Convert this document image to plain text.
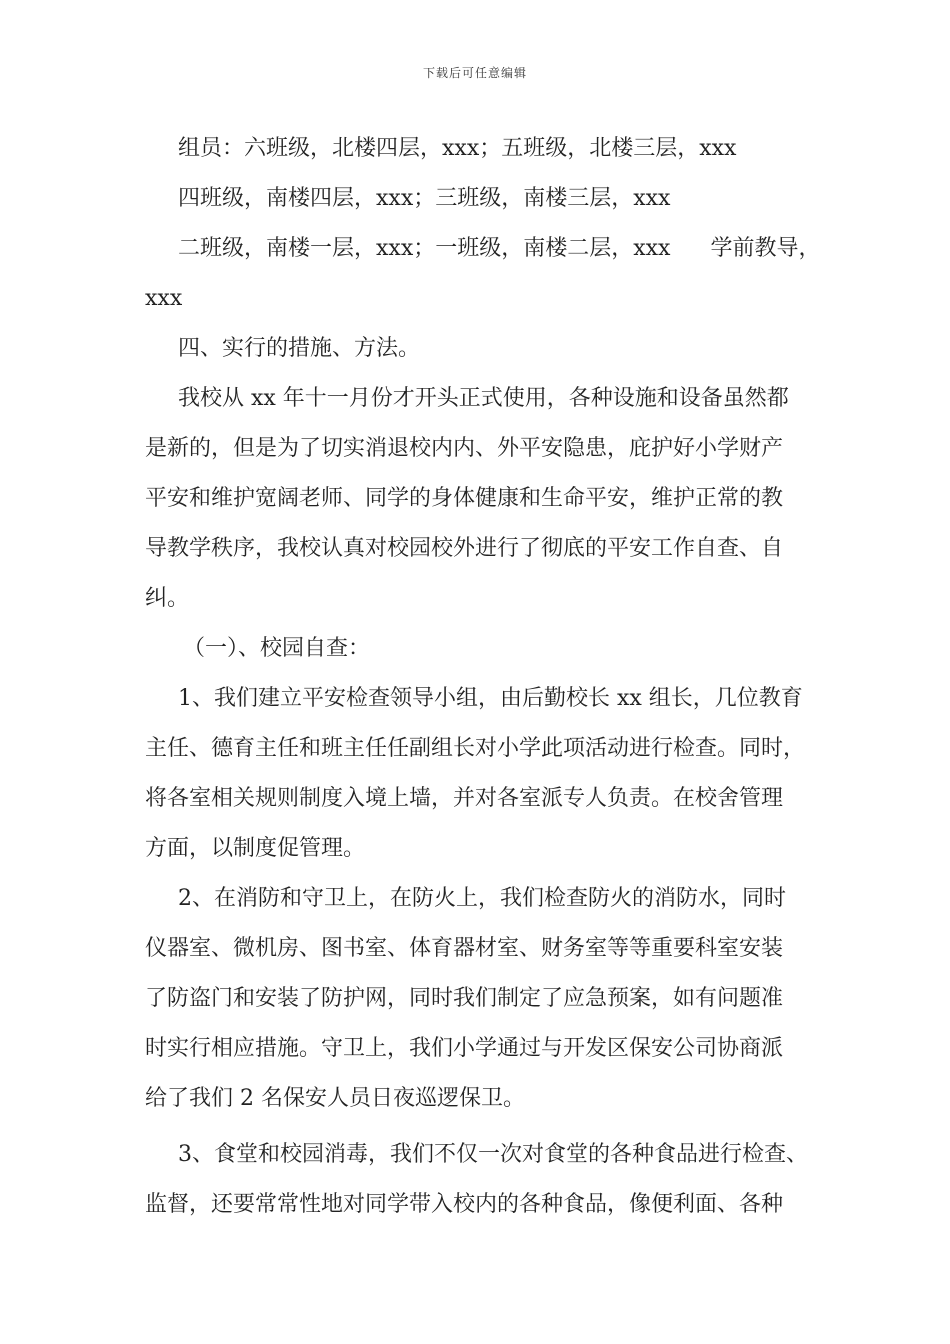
下载后可任意编辑
组员：六班级，北楼四层，xxx；五班级，北楼三层，xxx
四班级，南楼四层，xxx；三班级，南楼三层，xxx
二班级，南楼一层，xxx；一班级，南楼二层，xxx 学前教导，
xxx
四、实行的措施、方法。
我校从 xx 年十一月份才开头正式使用，各种设施和设备虽然都
是新的，但是为了切实消退校内内、外平安隐患，庇护好小学财产
平安和维护宽阔老师、同学的身体健康和生命平安，维护正常的教
导教学秩序，我校认真对校园校外进行了彻底的平安工作自查、自
纠。
（一）、校园自查：
1、我们建立平安检查领导小组，由后勤校长 xx 组长，几位教育
主任、德育主任和班主任任副组长对小学此项活动进行检查。同时，
将各室相关规则制度入境上墙，并对各室派专人负责。在校舍管理
方面，以制度促管理。
2、在消防和守卫上，在防火上，我们检查防火的消防水，同时
仪器室、微机房、图书室、体育器材室、财务室等等重要科室安装
了防盗门和安装了防护网，同时我们制定了应急预案，如有问题准
时实行相应措施。守卫上，我们小学通过与开发区保安公司协商派
给了我们 2 名保安人员日夜巡逻保卫。
3、食堂和校园消毒，我们不仅一次对食堂的各种食品进行检查、
监督，还要常常性地对同学带入校内的各种食品，像便利面、各种
